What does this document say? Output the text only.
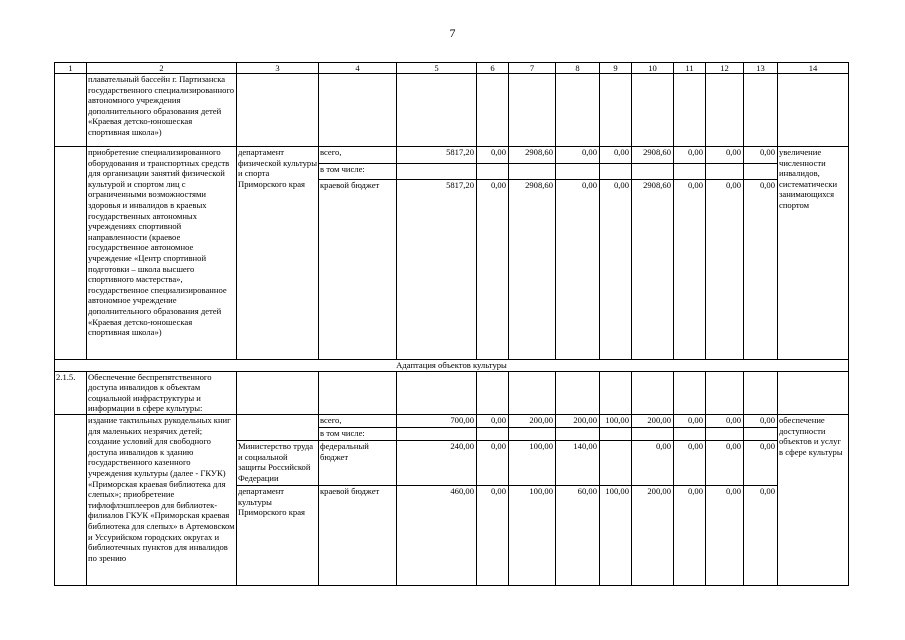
7
1	2	3	4	5	6	7	8	9	10	11	12	13	14
	плавательный бассейн г. Партизанска государственного специализированного автономного учреждения дополнительного образования детей «Краевая детско-юношеская спортивная школа»)												
	приобретение специализированного оборудования и транспортных средств для организации занятий физической культурой и спортом лиц с ограниченными возможностями здоровья и инвалидов в краевых государственных автономных учреждениях спортивной направленности (краевое государственное автономное учреждение «Центр спортивной подготовки – школа высшего спортивного мастерства», государственное специализированное автономное учреждение дополнительного образования детей «Краевая детско-юношеская спортивная школа»)	департамент физической культуры и спорта Приморского края	всего,	5817,20	0,00	2908,60	0,00	0,00	2908,60	0,00	0,00	0,00	увеличение численности инвалидов, систематически занимающихся спортом
			в том числе:										
			краевой бюджет	5817,20	0,00	2908,60	0,00	0,00	2908,60	0,00	0,00	0,00	
Адаптация объектов культуры													
2.1.5.	Обеспечение беспрепятственного доступа инвалидов к объектам социальной инфраструктуры и информации в сфере культуры:												
	издание тактильных рукодельных книг для маленьких незрячих детей; создание условий для свободного доступа инвалидов к зданию государственного казенного учреждения культуры (далее - ГКУК) «Приморская краевая библиотека для слепых»; приобретение тифлофлэшплееров для библиотек-филиалов ГКУК «Приморская краевая библиотека для слепых» в Артемовском и Уссурийском городских округах и библиотечных пунктов для инвалидов по зрению		всего,	700,00	0,00	200,00	200,00	100,00	200,00	0,00	0,00	0,00	обеспечение доступности объектов и услуг в сфере культуры
			в том числе:										
		Министерство труда и социальной защиты Российской Федерации	федеральный бюджет	240,00	0,00	100,00	140,00		0,00	0,00	0,00	0,00	
		департамент культуры Приморского края	краевой бюджет	460,00	0,00	100,00	60,00	100,00	200,00	0,00	0,00	0,00	
